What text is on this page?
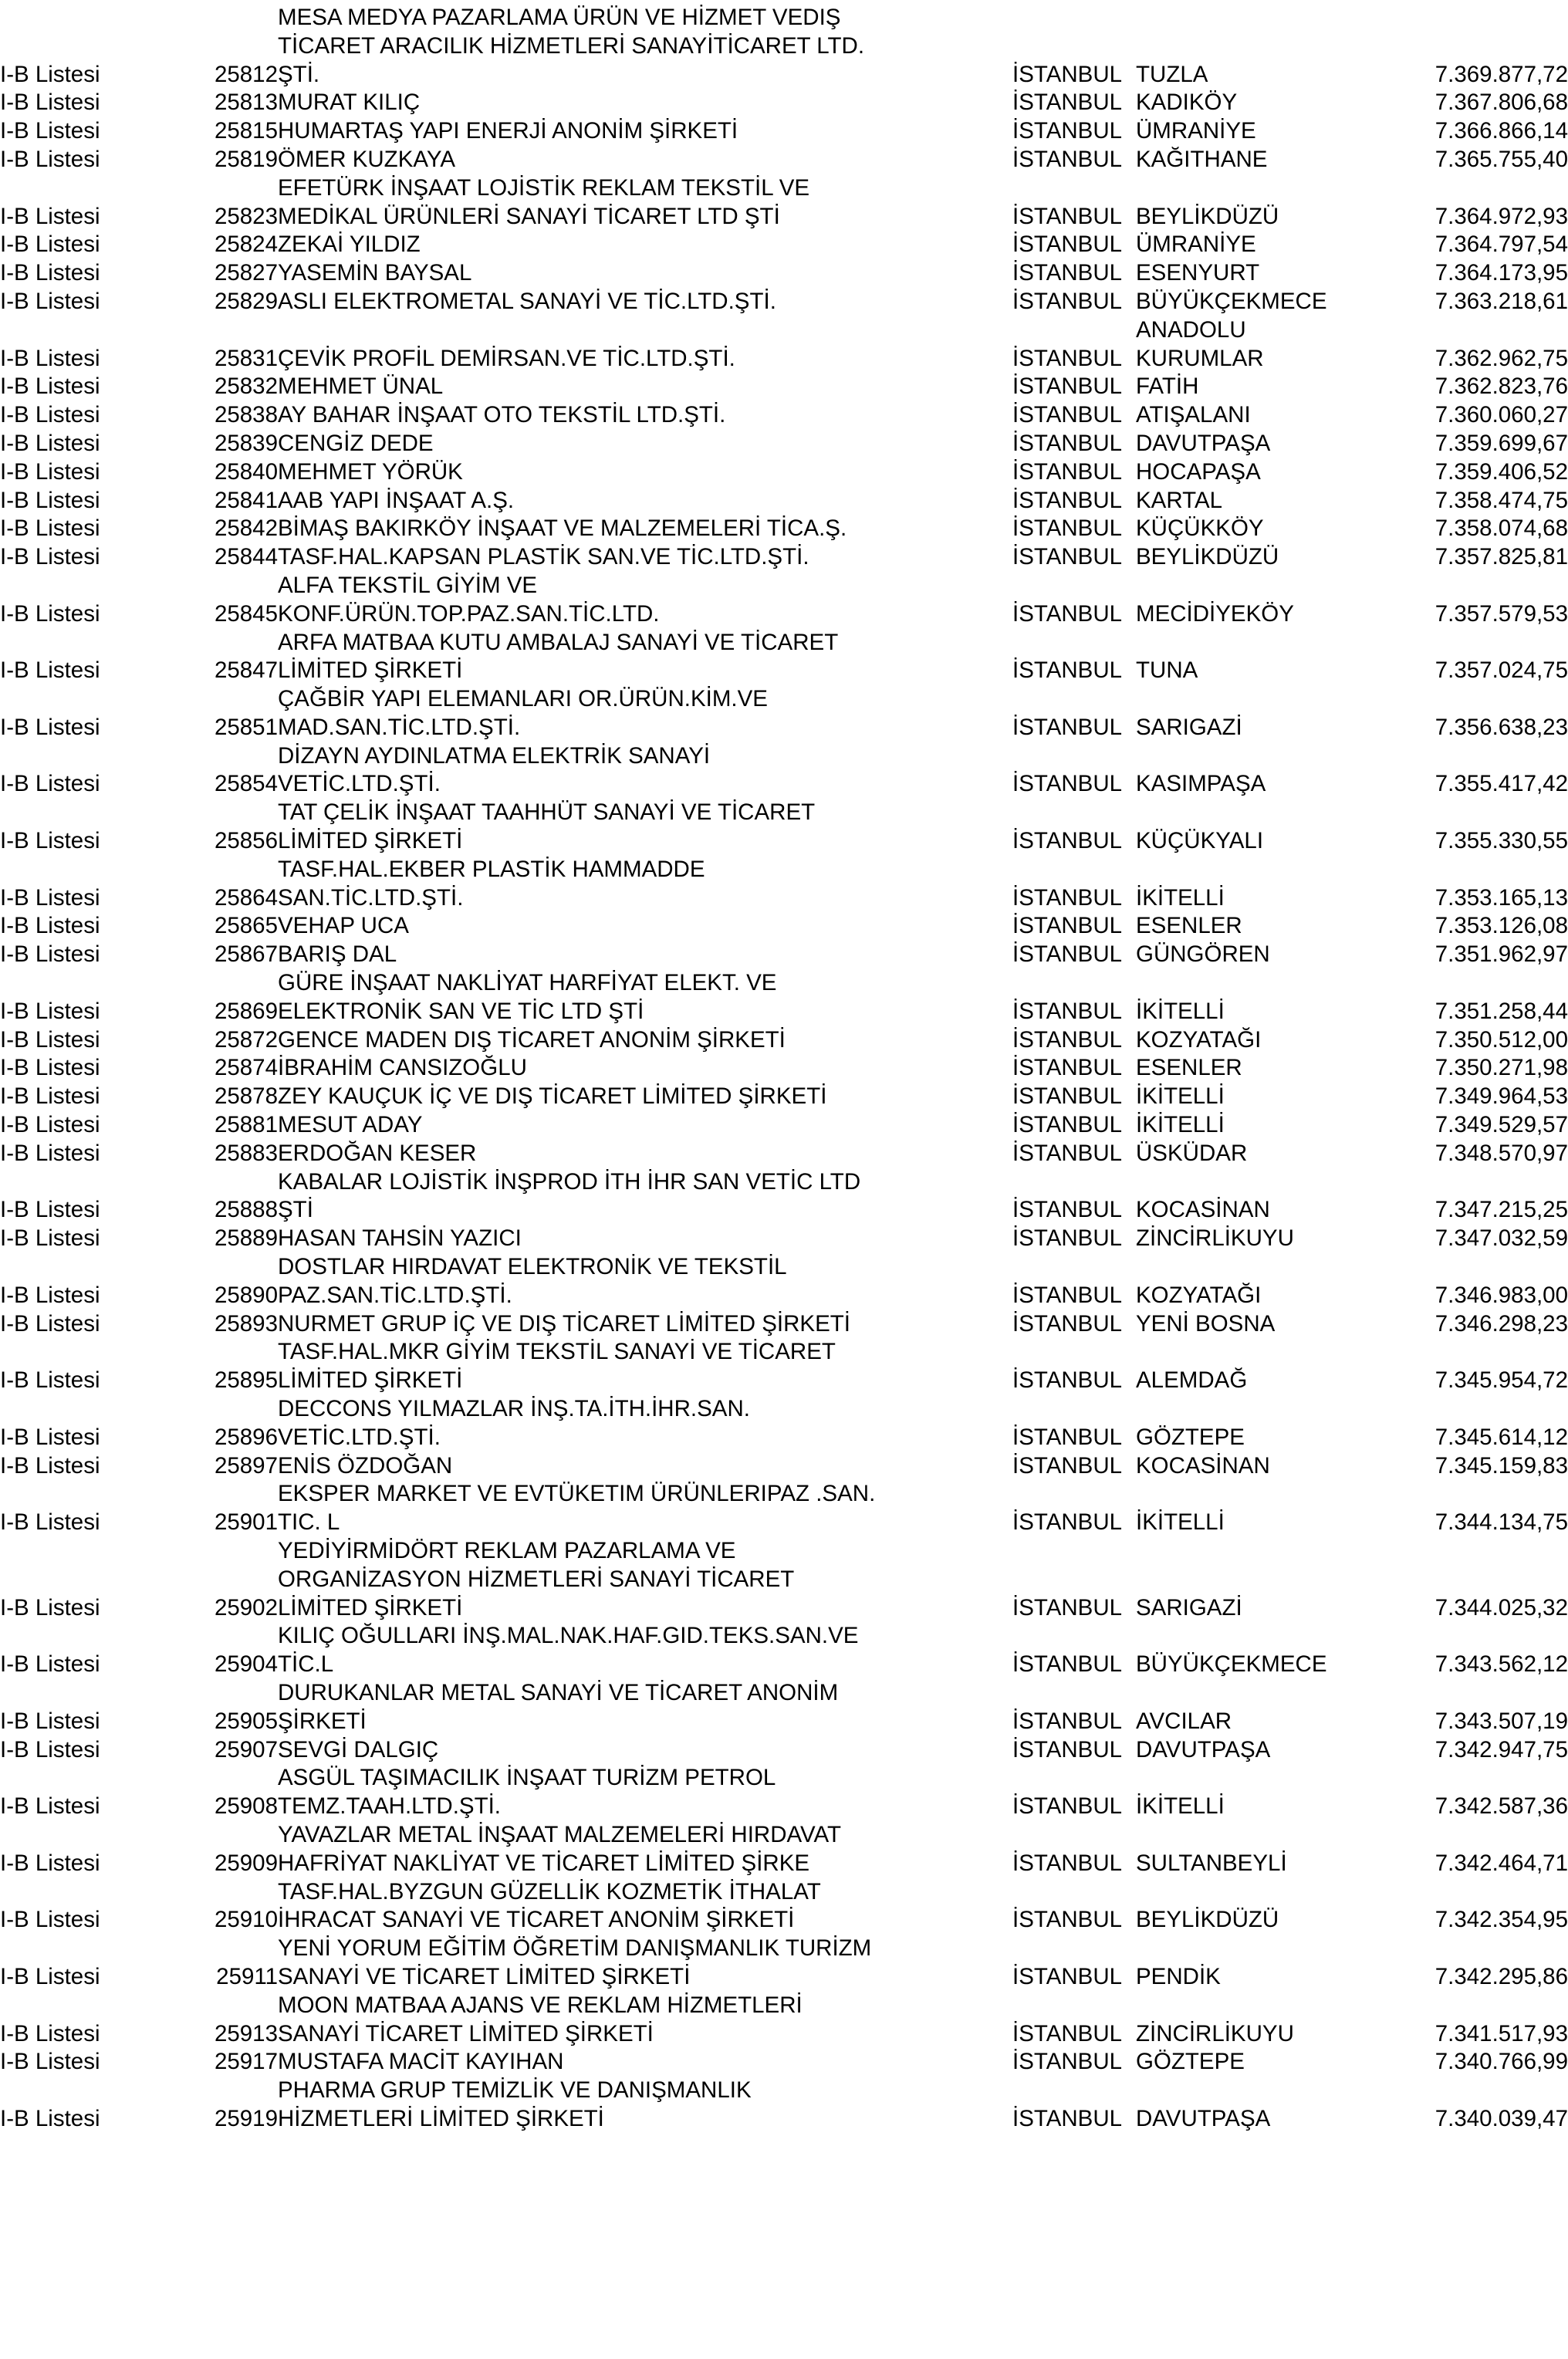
		MESA MEDYA PAZARLAMA ÜRÜN VE HİZMET VEDIŞ			
		TİCARET ARACILIK HİZMETLERİ SANAYİTİCARET LTD.			
I-B Listesi	25812	ŞTİ.	İSTANBUL	TUZLA	7.369.877,72
I-B Listesi	25813	MURAT KILIÇ	İSTANBUL	KADIKÖY	7.367.806,68
I-B Listesi	25815	HUMARTAŞ YAPI ENERJİ ANONİM ŞİRKETİ	İSTANBUL	ÜMRANİYE	7.366.866,14
I-B Listesi	25819	ÖMER KUZKAYA	İSTANBUL	KAĞITHANE	7.365.755,40
		EFETÜRK İNŞAAT LOJİSTİK REKLAM TEKSTİL VE			
I-B Listesi	25823	MEDİKAL ÜRÜNLERİ SANAYİ TİCARET LTD ŞTİ	İSTANBUL	BEYLİKDÜZÜ	7.364.972,93
I-B Listesi	25824	ZEKAİ YILDIZ	İSTANBUL	ÜMRANİYE	7.364.797,54
I-B Listesi	25827	YASEMİN BAYSAL	İSTANBUL	ESENYURT	7.364.173,95
I-B Listesi	25829	ASLI ELEKTROMETAL SANAYİ VE TİC.LTD.ŞTİ.	İSTANBUL	BÜYÜKÇEKMECE	7.363.218,61
				ANADOLU	
I-B Listesi	25831	ÇEVİK PROFİL DEMİRSAN.VE TİC.LTD.ŞTİ.	İSTANBUL	KURUMLAR	7.362.962,75
I-B Listesi	25832	MEHMET ÜNAL	İSTANBUL	FATİH	7.362.823,76
I-B Listesi	25838	AY BAHAR İNŞAAT OTO TEKSTİL LTD.ŞTİ.	İSTANBUL	ATIŞALANI	7.360.060,27
I-B Listesi	25839	CENGİZ DEDE	İSTANBUL	DAVUTPAŞA	7.359.699,67
I-B Listesi	25840	MEHMET YÖRÜK	İSTANBUL	HOCAPAŞA	7.359.406,52
I-B Listesi	25841	AAB YAPI İNŞAAT A.Ş.	İSTANBUL	KARTAL	7.358.474,75
I-B Listesi	25842	BİMAŞ BAKIRKÖY İNŞAAT VE MALZEMELERİ TİCA.Ş.	İSTANBUL	KÜÇÜKKÖY	7.358.074,68
I-B Listesi	25844	TASF.HAL.KAPSAN PLASTİK SAN.VE TİC.LTD.ŞTİ.	İSTANBUL	BEYLİKDÜZÜ	7.357.825,81
		ALFA TEKSTİL GİYİM VE			
I-B Listesi	25845	KONF.ÜRÜN.TOP.PAZ.SAN.TİC.LTD.	İSTANBUL	MECİDİYEKÖY	7.357.579,53
		ARFA MATBAA KUTU AMBALAJ SANAYİ VE TİCARET			
I-B Listesi	25847	LİMİTED ŞİRKETİ	İSTANBUL	TUNA	7.357.024,75
		ÇAĞBİR YAPI ELEMANLARI OR.ÜRÜN.KİM.VE			
I-B Listesi	25851	MAD.SAN.TİC.LTD.ŞTİ.	İSTANBUL	SARIGAZİ	7.356.638,23
		DİZAYN AYDINLATMA ELEKTRİK SANAYİ			
I-B Listesi	25854	VETİC.LTD.ŞTİ.	İSTANBUL	KASIMPAŞA	7.355.417,42
		TAT ÇELİK İNŞAAT TAAHHÜT SANAYİ VE TİCARET			
I-B Listesi	25856	LİMİTED ŞİRKETİ	İSTANBUL	KÜÇÜKYALI	7.355.330,55
		TASF.HAL.EKBER PLASTİK HAMMADDE			
I-B Listesi	25864	SAN.TİC.LTD.ŞTİ.	İSTANBUL	İKİTELLİ	7.353.165,13
I-B Listesi	25865	VEHAP UCA	İSTANBUL	ESENLER	7.353.126,08
I-B Listesi	25867	BARIŞ DAL	İSTANBUL	GÜNGÖREN	7.351.962,97
		GÜRE İNŞAAT NAKLİYAT HARFİYAT ELEKT. VE			
I-B Listesi	25869	ELEKTRONİK SAN VE TİC LTD ŞTİ	İSTANBUL	İKİTELLİ	7.351.258,44
I-B Listesi	25872	GENCE MADEN DIŞ TİCARET ANONİM ŞİRKETİ	İSTANBUL	KOZYATAĞI	7.350.512,00
I-B Listesi	25874	İBRAHİM CANSIZOĞLU	İSTANBUL	ESENLER	7.350.271,98
I-B Listesi	25878	ZEY KAUÇUK İÇ VE DIŞ TİCARET LİMİTED ŞİRKETİ	İSTANBUL	İKİTELLİ	7.349.964,53
I-B Listesi	25881	MESUT ADAY	İSTANBUL	İKİTELLİ	7.349.529,57
I-B Listesi	25883	ERDOĞAN KESER	İSTANBUL	ÜSKÜDAR	7.348.570,97
		KABALAR LOJİSTİK İNŞPROD İTH İHR SAN VETİC LTD			
I-B Listesi	25888	ŞTİ	İSTANBUL	KOCASİNAN	7.347.215,25
I-B Listesi	25889	HASAN TAHSİN YAZICI	İSTANBUL	ZİNCİRLİKUYU	7.347.032,59
		DOSTLAR HIRDAVAT ELEKTRONİK VE TEKSTİL			
I-B Listesi	25890	PAZ.SAN.TİC.LTD.ŞTİ.	İSTANBUL	KOZYATAĞI	7.346.983,00
I-B Listesi	25893	NURMET GRUP İÇ VE DIŞ TİCARET LİMİTED ŞİRKETİ	İSTANBUL	YENİ BOSNA	7.346.298,23
		TASF.HAL.MKR GİYİM TEKSTİL SANAYİ VE TİCARET			
I-B Listesi	25895	LİMİTED ŞİRKETİ	İSTANBUL	ALEMDAĞ	7.345.954,72
		DECCONS YILMAZLAR İNŞ.TA.İTH.İHR.SAN.			
I-B Listesi	25896	VETİC.LTD.ŞTİ.	İSTANBUL	GÖZTEPE	7.345.614,12
I-B Listesi	25897	ENİS ÖZDOĞAN	İSTANBUL	KOCASİNAN	7.345.159,83
		EKSPER MARKET VE EVTÜKETIM ÜRÜNLERIPAZ .SAN.			
I-B Listesi	25901	TIC. L	İSTANBUL	İKİTELLİ	7.344.134,75
		YEDİYİRMİDÖRT REKLAM PAZARLAMA VE			
		ORGANİZASYON HİZMETLERİ SANAYİ TİCARET			
I-B Listesi	25902	LİMİTED ŞİRKETİ	İSTANBUL	SARIGAZİ	7.344.025,32
		KILIÇ OĞULLARI İNŞ.MAL.NAK.HAF.GID.TEKS.SAN.VE			
I-B Listesi	25904	TİC.L	İSTANBUL	BÜYÜKÇEKMECE	7.343.562,12
		DURUKANLAR METAL SANAYİ VE TİCARET ANONİM			
I-B Listesi	25905	ŞİRKETİ	İSTANBUL	AVCILAR	7.343.507,19
I-B Listesi	25907	SEVGİ DALGIÇ	İSTANBUL	DAVUTPAŞA	7.342.947,75
		ASGÜL TAŞIMACILIK İNŞAAT TURİZM PETROL			
I-B Listesi	25908	TEMZ.TAAH.LTD.ŞTİ.	İSTANBUL	İKİTELLİ	7.342.587,36
		YAVAZLAR METAL İNŞAAT MALZEMELERİ HIRDAVAT			
I-B Listesi	25909	HAFRİYAT NAKLİYAT VE TİCARET LİMİTED ŞİRKE	İSTANBUL	SULTANBEYLİ	7.342.464,71
		TASF.HAL.BYZGUN GÜZELLİK KOZMETİK İTHALAT			
I-B Listesi	25910	İHRACAT SANAYİ VE TİCARET ANONİM ŞİRKETİ	İSTANBUL	BEYLİKDÜZÜ	7.342.354,95
		YENİ YORUM EĞİTİM ÖĞRETİM DANIŞMANLIK TURİZM			
I-B Listesi	25911	SANAYİ VE TİCARET LİMİTED ŞİRKETİ	İSTANBUL	PENDİK	7.342.295,86
		MOON MATBAA AJANS VE REKLAM HİZMETLERİ			
I-B Listesi	25913	SANAYİ TİCARET LİMİTED ŞİRKETİ	İSTANBUL	ZİNCİRLİKUYU	7.341.517,93
I-B Listesi	25917	MUSTAFA MACİT KAYIHAN	İSTANBUL	GÖZTEPE	7.340.766,99
		PHARMA GRUP TEMİZLİK VE DANIŞMANLIK			
I-B Listesi	25919	HİZMETLERİ LİMİTED ŞİRKETİ	İSTANBUL	DAVUTPAŞA	7.340.039,47
